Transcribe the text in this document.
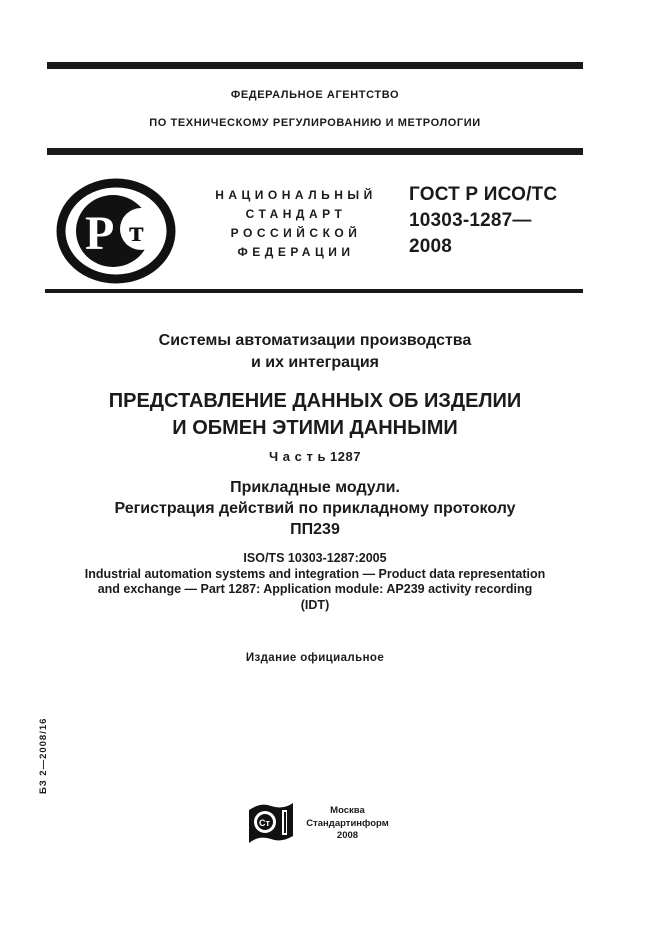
ФЕДЕРАЛЬНОЕ АГЕНТСТВО
ПО ТЕХНИЧЕСКОМУ РЕГУЛИРОВАНИЮ И МЕТРОЛОГИИ
Р т
НАЦИОНАЛЬНЫЙ
СТАНДАРТ
РОССИЙСКОЙ
ФЕДЕРАЦИИ
ГОСТ Р ИСО/ТС
10303-1287—
2008
Системы автоматизации производства
и их интеграция
ПРЕДСТАВЛЕНИЕ ДАННЫХ ОБ ИЗДЕЛИИ
И ОБМЕН ЭТИМИ ДАННЫМИ
Ч а с т ь 1287
Прикладные модули.
Регистрация действий по прикладному протоколу
ПП239
ISO/TS 10303-1287:2005
Industrial automation systems and integration — Product data representation
and exchange — Part 1287: Application module: AP239 activity recording
(IDT)
Издание официальное
БЗ 2—2008/16
Ст
Москва
Стандартинформ
2008
